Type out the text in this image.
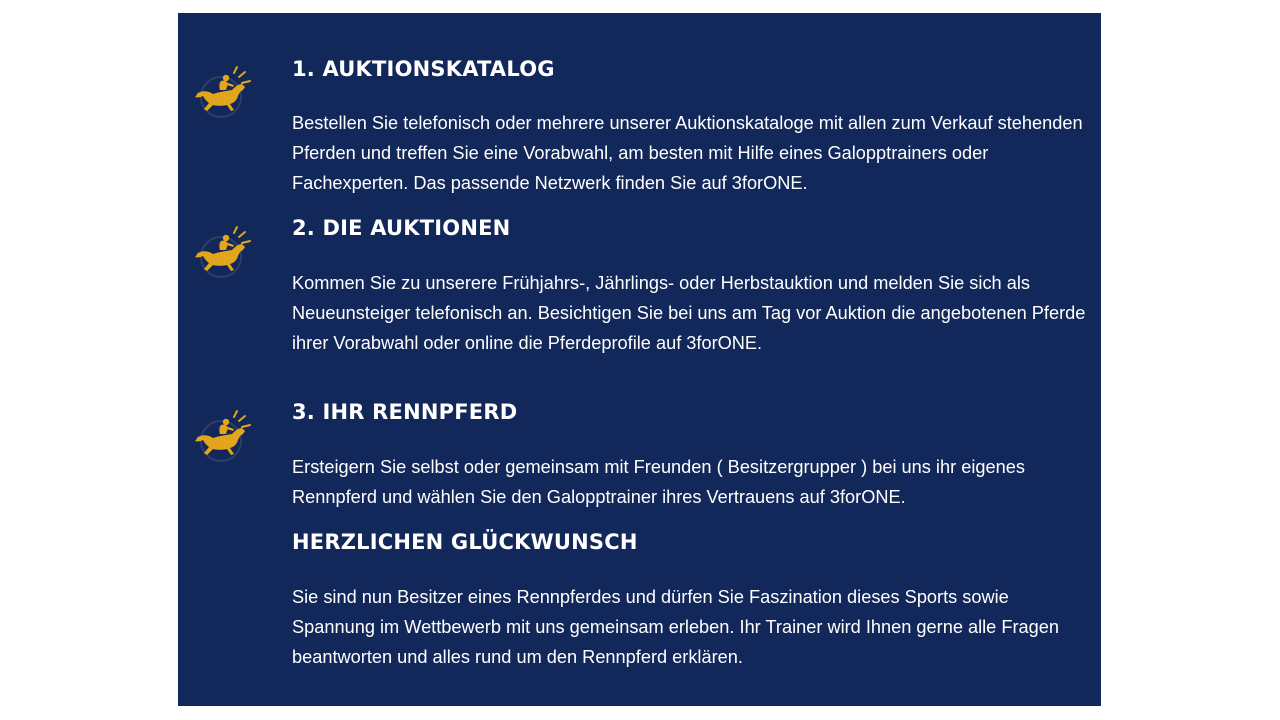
1. AUKTIONSKATALOG

Bestellen Sie telefonisch oder mehrere unserer Auktionskataloge mit allen zum Verkauf stehenden Pferden und treffen Sie eine Vorabwahl, am besten mit Hilfe eines Galopptrainers oder Fachexperten. Das passende Netzwerk finden Sie auf 3forONE.

2. DIE AUKTIONEN

Kommen Sie zu unserere Frühjahrs-, Jährlings- oder Herbstauktion und melden Sie sich als Neueunsteiger telefonisch an. Besichtigen Sie bei uns am Tag vor Auktion die angebotenen Pferde ihrer Vorabwahl oder online die Pferdeprofile auf 3forONE.

3. IHR RENNPFERD

Ersteigern Sie selbst oder gemeinsam mit Freunden ( Besitzergrupper ) bei uns ihr eigenes Rennpferd und wählen Sie den Galopptrainer ihres Vertrauens auf 3forONE.

HERZLICHEN GLÜCKWUNSCH

Sie sind nun Besitzer eines Rennpferdes und dürfen Sie Faszination dieses Sports sowie Spannung im Wettbewerb mit uns gemeinsam erleben. Ihr Trainer wird Ihnen gerne alle Fragen beantworten und alles rund um den Rennpferd erklären.
